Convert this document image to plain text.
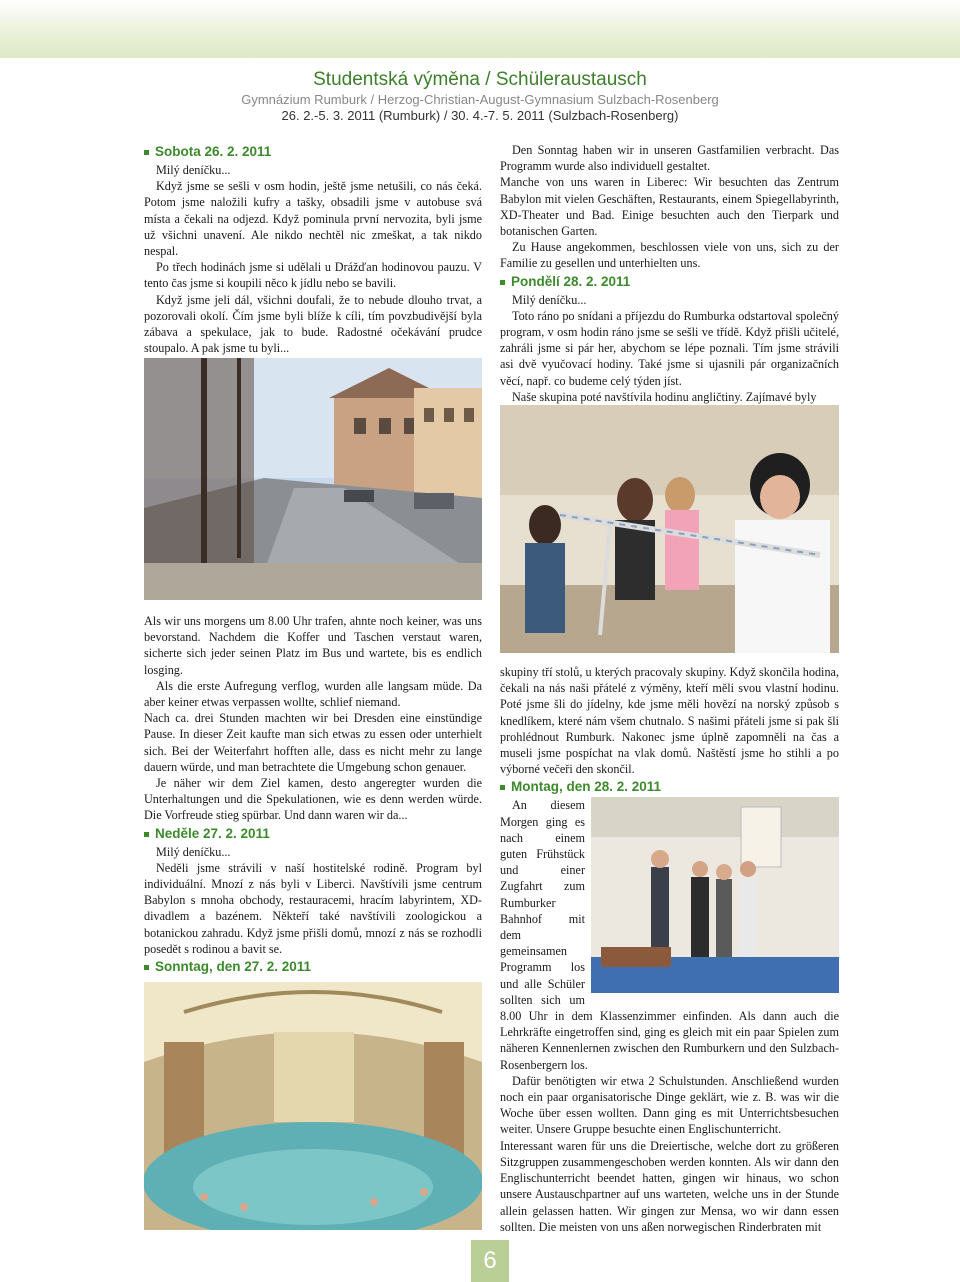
Studentská výměna / Schüleraustausch
Gymnázium Rumburk / Herzog-Christian-August-Gymnasium Sulzbach-Rosenberg
26. 2.-5. 3. 2011 (Rumburk) / 30. 4.-7. 5. 2011 (Sulzbach-Rosenberg)
Sobota 26. 2. 2011

Milý deníčku...

Když jsme se sešli v osm hodin, ještě jsme netušili, co nás čeká. Potom jsme naložili kufry a tašky, obsadili jsme v autobuse svá místa a čekali na odjezd. Když pominula první nervozita, byli jsme už všichni unavení. Ale nikdo nechtěl nic zmeškat, a tak nikdo nespal.

Po třech hodinách jsme si udělali u Drážďan hodinovou pauzu. V tento čas jsme si koupili něco k jídlu nebo se bavili.

Když jsme jeli dál, všichni doufali, že to nebude dlouho trvat, a pozorovali okolí. Čím jsme byli blíže k cíli, tím povzbudivější byla zábava a spekulace, jak to bude. Radostné očekávání prudce stoupalo. A pak jsme tu byli...

Als wir uns morgens um 8.00 Uhr trafen, ahnte noch keiner, was uns bevorstand. Nachdem die Koffer und Taschen verstaut waren, sicherte sich jeder seinen Platz im Bus und wartete, bis es endlich losging.

Als die erste Aufregung verflog, wurden alle langsam müde. Da aber keiner etwas verpassen wollte, schlief niemand.

Nach ca. drei Stunden machten wir bei Dresden eine einstündige Pause. In dieser Zeit kaufte man sich etwas zu essen oder unterhielt sich. Bei der Weiterfahrt hofften alle, dass es nicht mehr zu lange dauern würde, und man betrachtete die Umgebung schon genauer.

Je näher wir dem Ziel kamen, desto angeregter wurden die Unterhaltungen und die Spekulationen, wie es denn werden würde. Die Vorfreude stieg spürbar. Und dann waren wir da...

Neděle 27. 2. 2011

Milý deníčku...

Neděli jsme strávili v naší hostitelské rodině. Program byl individuální. Mnozí z nás byli v Liberci. Navštívili jsme centrum Babylon s mnoha obchody, restauracemi, hracím labyrintem, XD-divadlem a bazénem. Někteří také navštívili zoologickou a botanickou zahradu. Když jsme přišli domů, mnozí z nás se rozhodli posedět s rodinou a bavit se.

Sonntag, den 27. 2. 2011

Den Sonntag haben wir in unseren Gastfamilien verbracht. Das Programm wurde also individuell gestaltet.

Manche von uns waren in Liberec: Wir besuchten das Zentrum Babylon mit vielen Geschäften, Restaurants, einem Spiegellabyrinth, XD-Theater und Bad. Einige besuchten auch den Tierpark und botanischen Garten.

Zu Hause angekommen, beschlossen viele von uns, sich zu der Familie zu gesellen und unterhielten uns.

Pondělí 28. 2. 2011

Milý deníčku...

Toto ráno po snídani a příjezdu do Rumburka odstartoval společný program, v osm hodin ráno jsme se sešli ve třídě. Když přišli učitelé, zahráli jsme si pár her, abychom se lépe poznali. Tím jsme strávili asi dvě vyučovací hodiny. Také jsme si ujasnili pár organizačních věcí, např. co budeme celý týden jíst.

Naše skupina poté navštívila hodinu angličtiny. Zajímavé byly

skupiny tří stolů, u kterých pracovaly skupiny. Když skončila hodina, čekali na nás naši přátelé z výměny, kteří měli svou vlastní hodinu. Poté jsme šli do jídelny, kde jsme měli hovězí na norský způsob s knedlíkem, které nám všem chutnalo. S našimi přáteli jsme si pak šli prohlédnout Rumburk. Nakonec jsme úplně zapomněli na čas a museli jsme pospíchat na vlak domů. Naštěstí jsme ho stihli a po výborné večeři den skončil.

Montag, den 28. 2. 2011

An diesem Morgen ging es nach einem guten Frühstück und einer Zugfahrt zum Rumburker Bahnhof mit dem gemeinsamen Programm los und alle Schüler sollten sich um 8.00 Uhr in dem Klassenzimmer einfinden. Als dann auch die Lehrkräfte eingetroffen sind, ging es gleich mit ein paar Spielen zum näheren Kennenlernen zwischen den Rumburkern und den Sulzbach-Rosenbergern los.

Dafür benötigten wir etwa 2 Schulstunden. Anschließend wurden noch ein paar organisatorische Dinge geklärt, wie z. B. was wir die Woche über essen wollten. Dann ging es mit Unterrichtsbesuchen weiter. Unsere Gruppe besuchte einen Englischunterricht.

Interessant waren für uns die Dreiertische, welche dort zu größeren Sitzgruppen zusammengeschoben werden konnten. Als wir dann den Englischunterricht beendet hatten, gingen wir hinaus, wo schon unsere Austauschpartner auf uns warteten, welche uns in der Stunde allein gelassen hatten. Wir gingen zur Mensa, wo wir dann essen sollten. Die meisten von uns aßen norwegischen Rinderbraten mit

6
